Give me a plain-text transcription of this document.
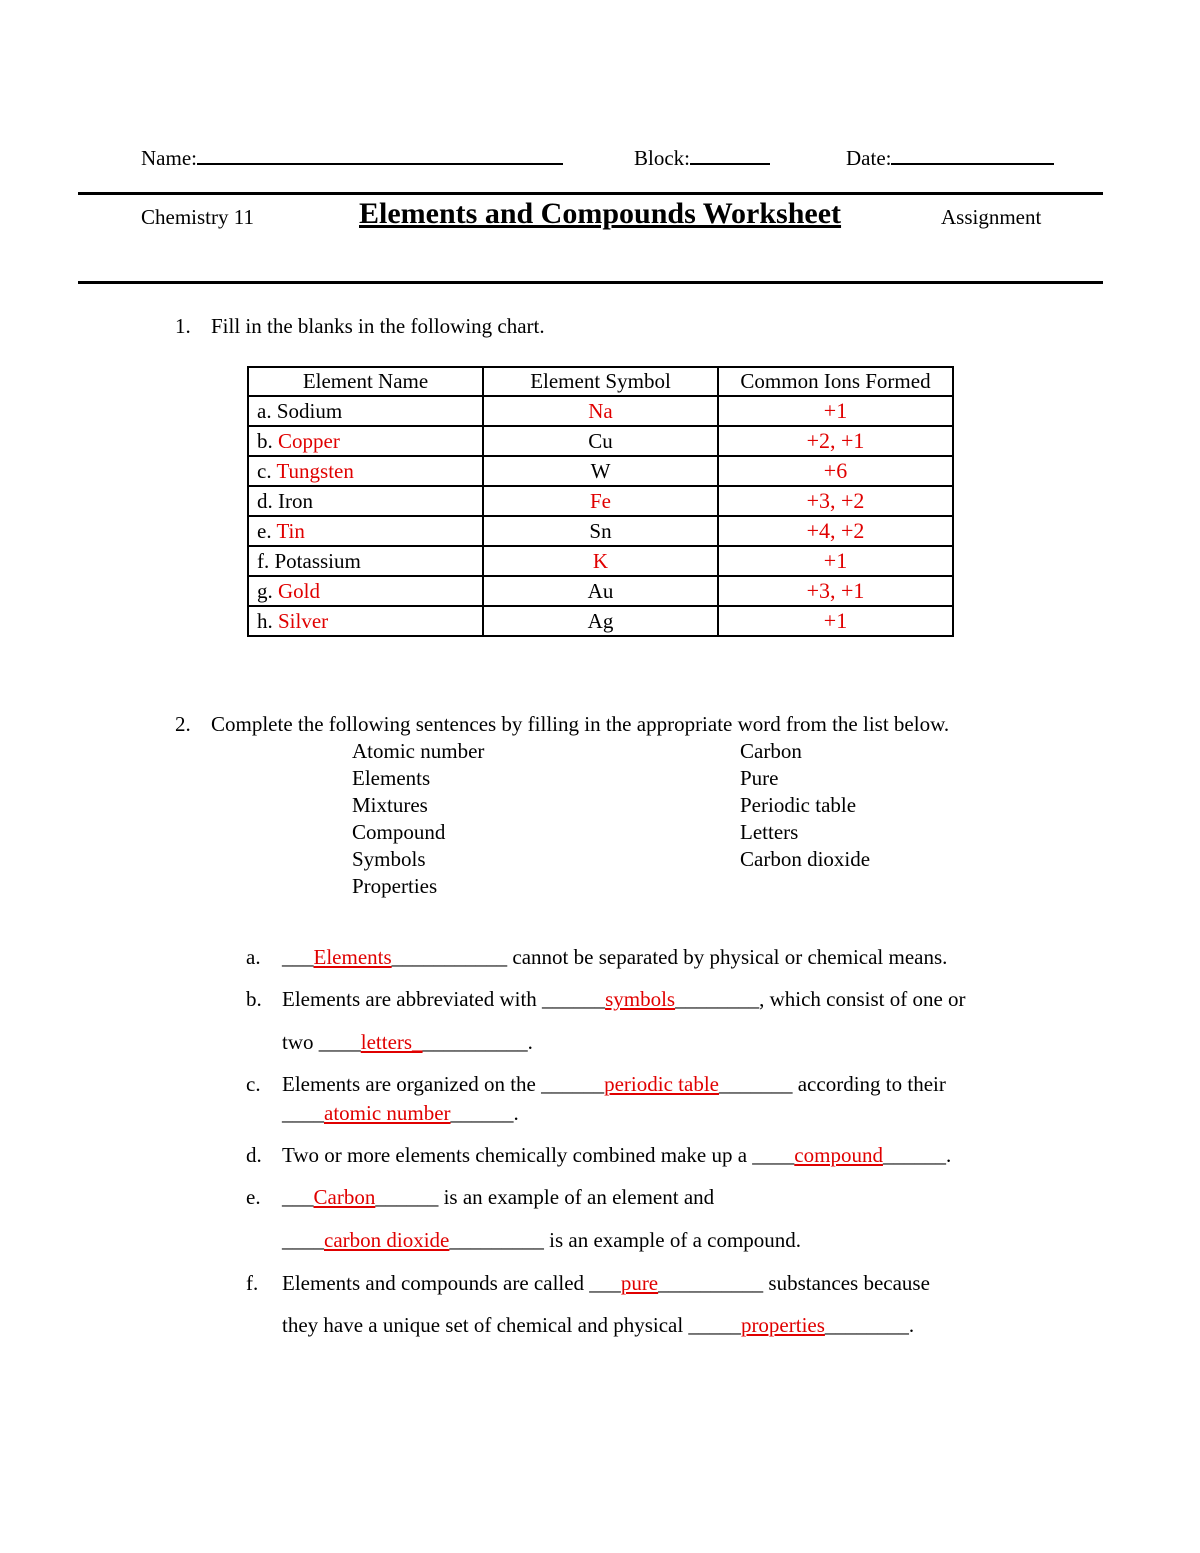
Name:	Block:	Date:
Chemistry 11	Elements and Compounds Worksheet	Assignment
1. Fill in the blanks in the following chart.
Element Name	Element Symbol	Common Ions Formed
a. Sodium	Na	+1
b. Copper	Cu	+2, +1
c. Tungsten	W	+6
d. Iron	Fe	+3, +2
e. Tin	Sn	+4, +2
f. Potassium	K	+1
g. Gold	Au	+3, +1
h. Silver	Ag	+1
2. Complete the following sentences by filling in the appropriate word from the list below.
Atomic number
Elements
Mixtures
Compound
Symbols
Properties
Carbon
Pure
Periodic table
Letters
Carbon dioxide
a. ___Elements___________ cannot be separated by physical or chemical means.
b. Elements are abbreviated with ______symbols________, which consist of one or
two ____letters___________.
c. Elements are organized on the ______periodic table_______ according to their
____atomic number______.
d. Two or more elements chemically combined make up a ____compound______.
e. ___Carbon______ is an example of an element and
____carbon dioxide_________ is an example of a compound.
f. Elements and compounds are called ___pure__________ substances because
they have a unique set of chemical and physical _____properties________.
